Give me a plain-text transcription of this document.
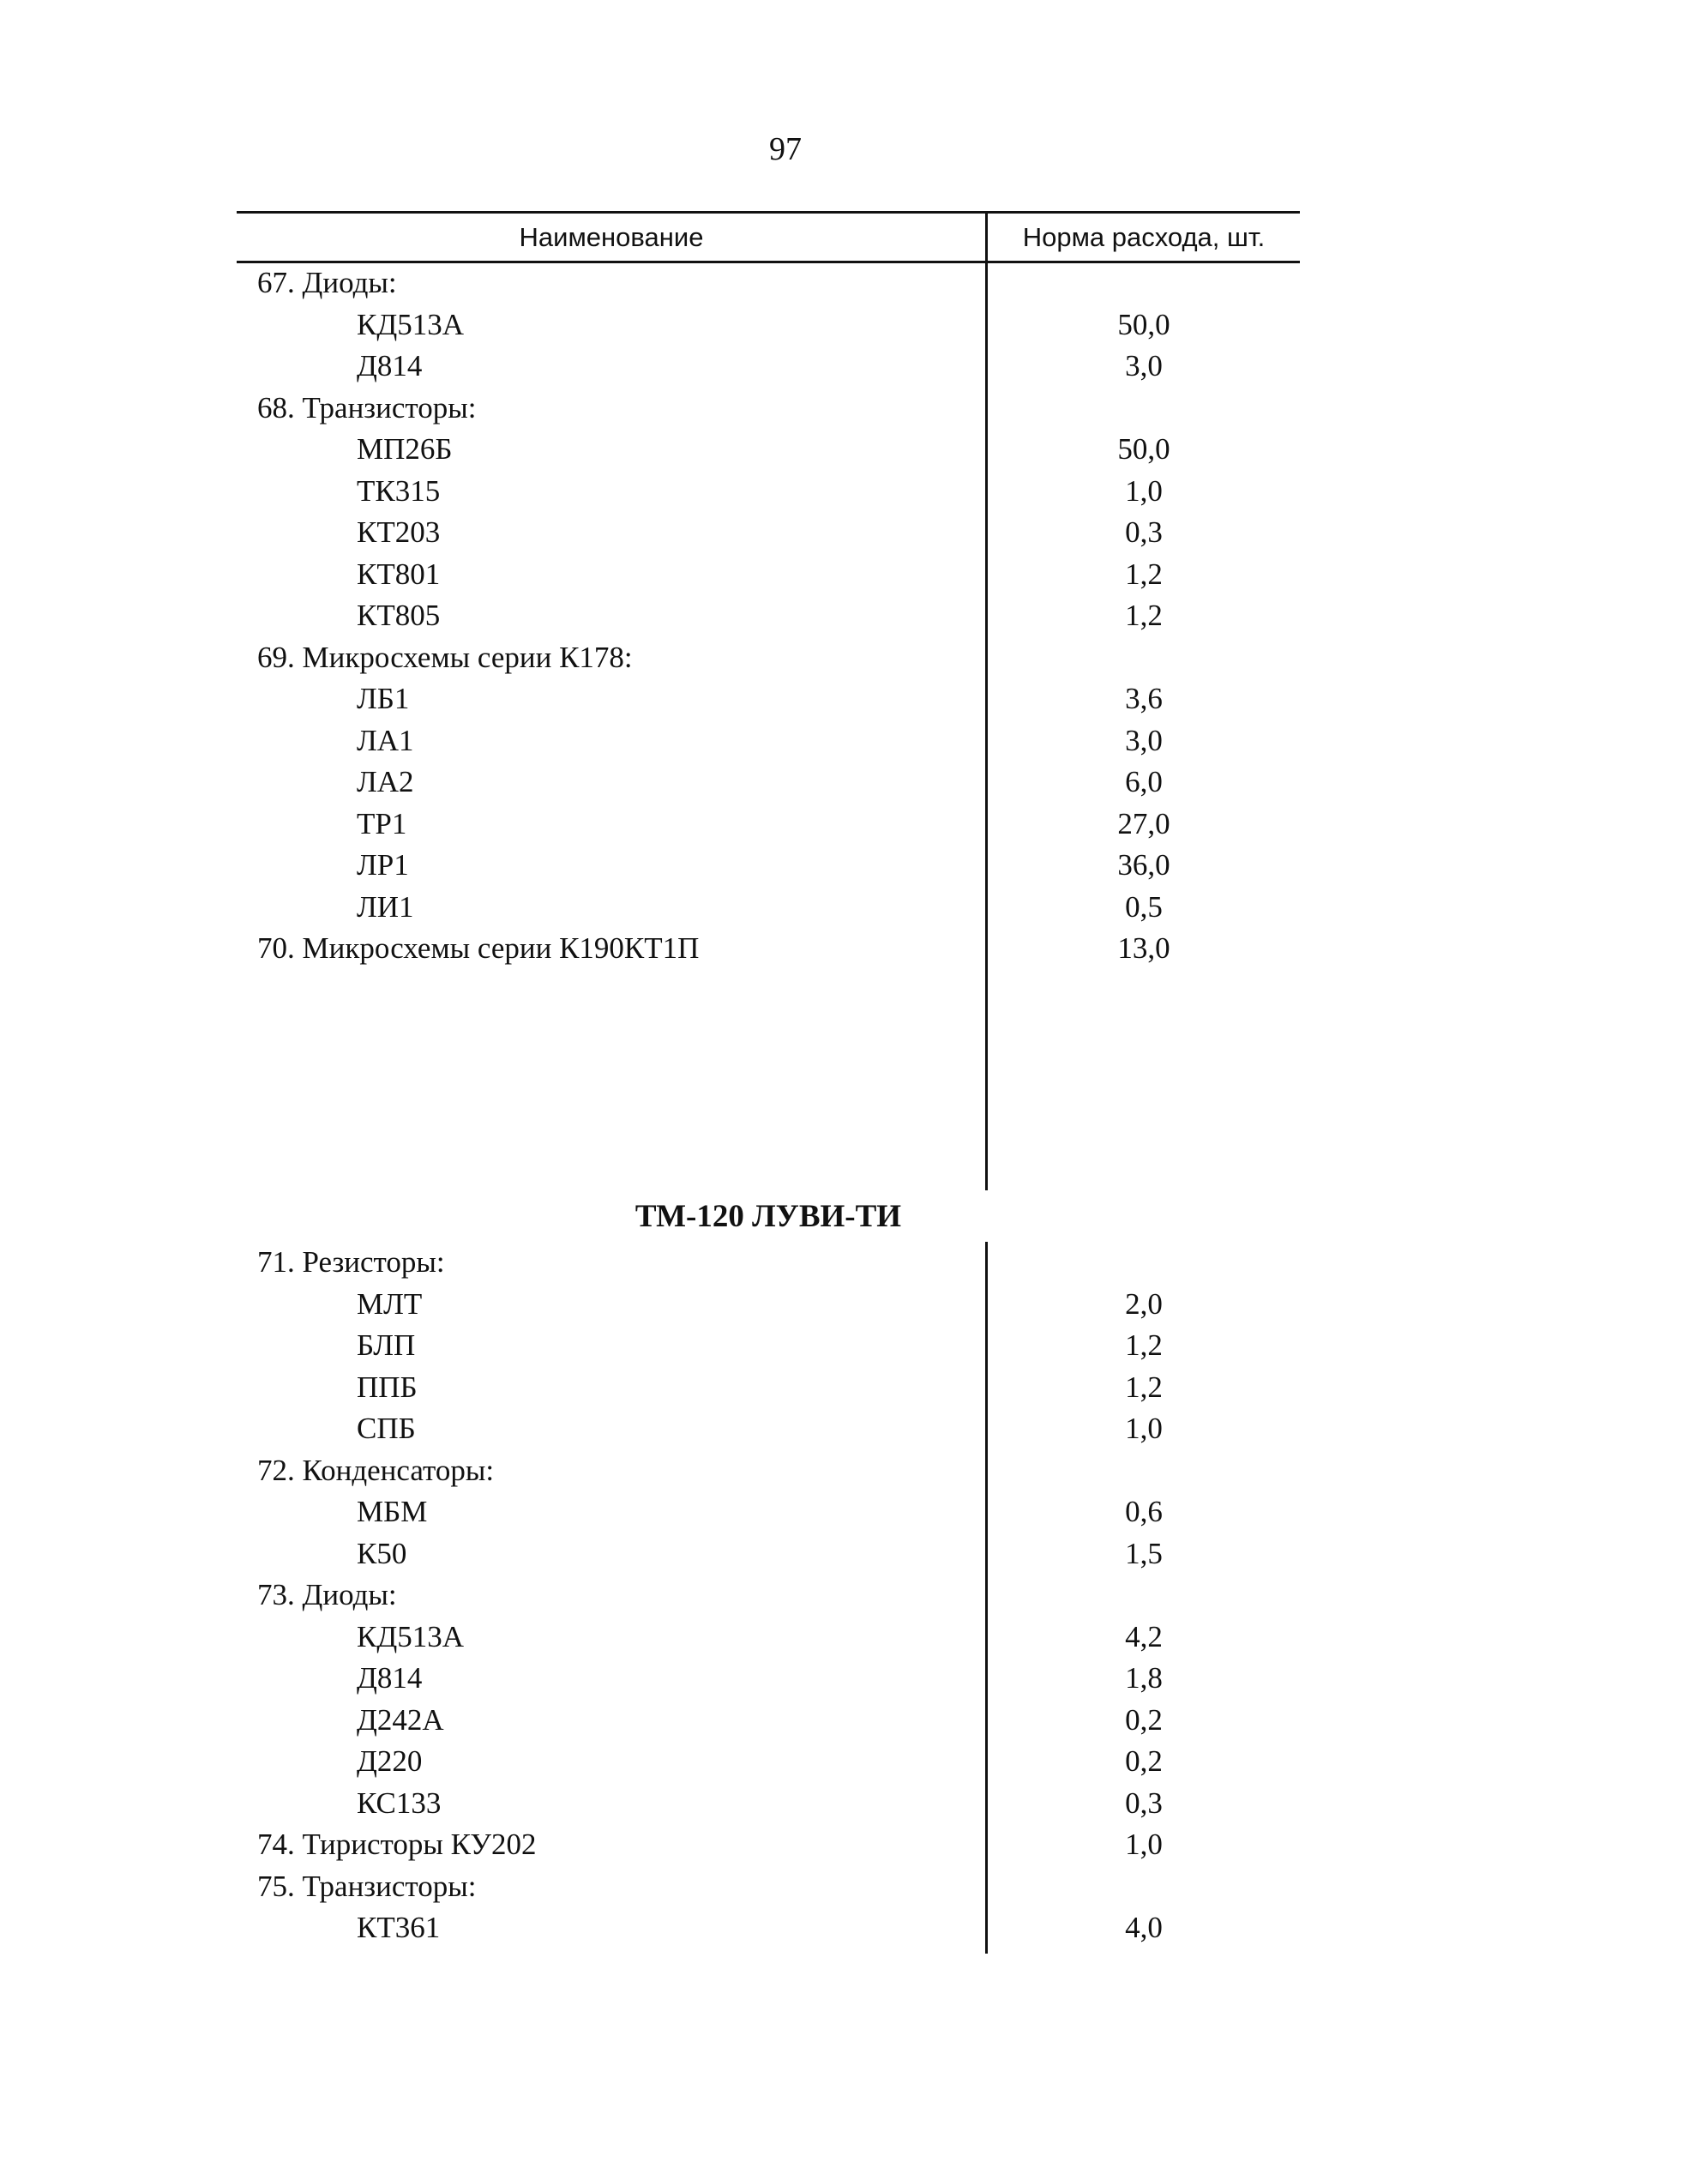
97
Наименование	Норма расхода, шт.
67. Диоды:
КД513А	50,0
Д814	3,0
68. Транзисторы:
МП26Б	50,0
ТК315	1,0
КТ203	0,3
КТ801	1,2
КТ805	1,2
69. Микросхемы серии К178:
ЛБ1	3,6
ЛА1	3,0
ЛА2	6,0
ТР1	27,0
ЛР1	36,0
ЛИ1	0,5
70. Микросхемы серии К190КТ1П	13,0
ТМ-120 ЛУВИ-ТИ
71. Резисторы:
МЛТ	2,0
БЛП	1,2
ППБ	1,2
СПБ	1,0
72. Конденсаторы:
МБМ	0,6
К50	1,5
73. Диоды:
КД513А	4,2
Д814	1,8
Д242А	0,2
Д220	0,2
КС133	0,3
74. Тиристоры КУ202	1,0
75. Транзисторы:
КТ361	4,0
